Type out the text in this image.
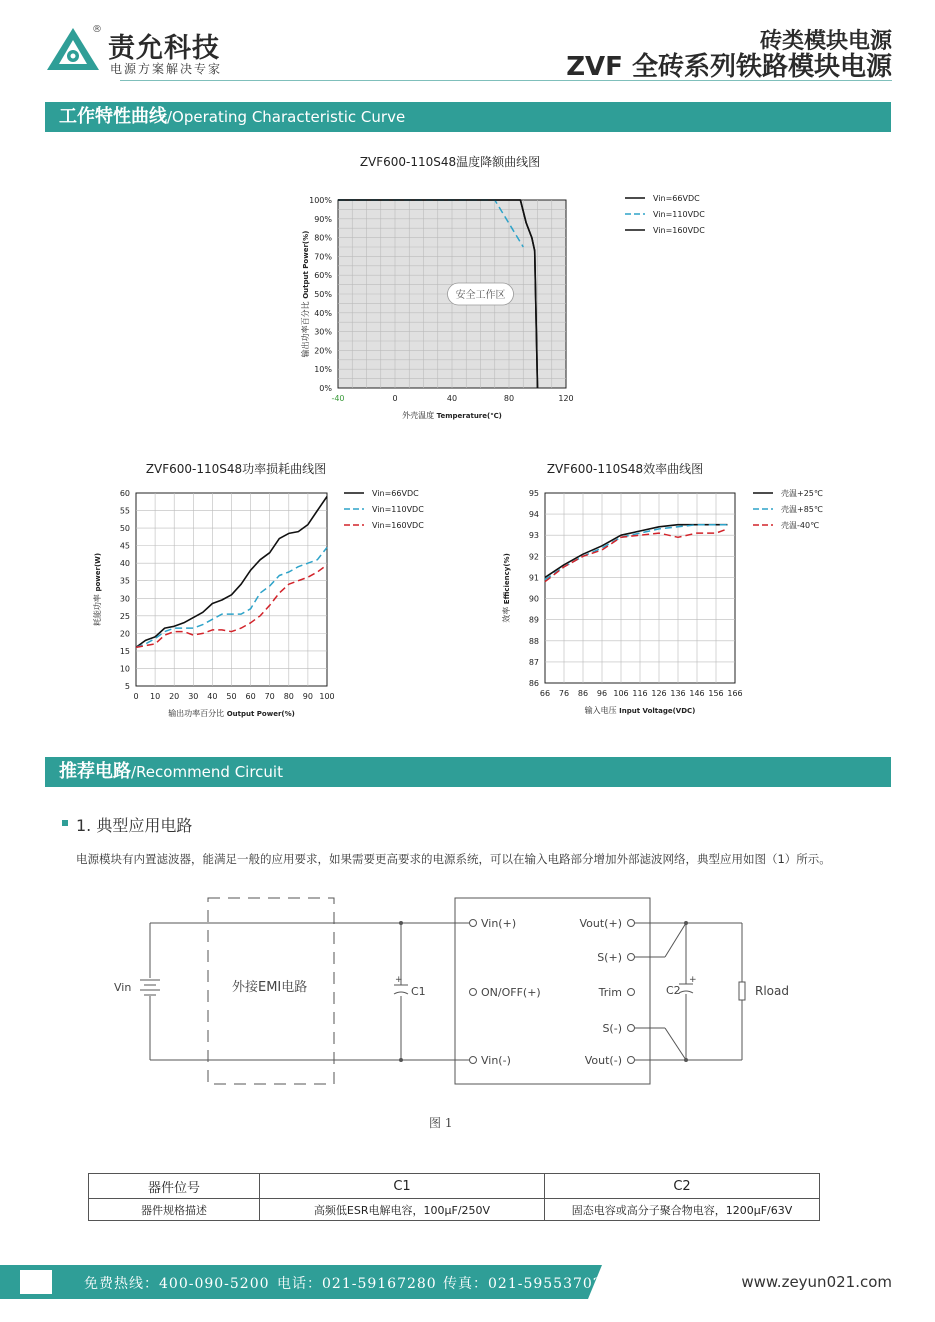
®
责允科技
电源方案解决专家
砖类模块电源
ZVF 全砖系列铁路模块电源
工作特性曲线/Operating Characteristic Curve
ZVF600-110S48温度降额曲线图
0%
10%
20%
30%
40%
50%
60%
70%
80%
90%
100%
-40	0	40	80	120
外壳温度 Temperature(℃)
输出功率百分比 Output Power(%)
Vin=66VDC
Vin=110VDC
Vin=160VDC
安全工作区
ZVF600-110S48功率损耗曲线图
5
10
15
20
25
30
35
40
45
50
55
60
0 10 20 30 40 50 60 70 80 90 100
输出功率百分比 Output Power(%)
耗能功率 power(W)
Vin=66VDC
Vin=110VDC
Vin=160VDC
ZVF600-110S48效率曲线图
86
87
88
89
90
91
92
93
94
95
66 76 86 96 106 116 126 136 146 156 166
输入电压 Input Voltage(VDC)
效率 Efficiency(%)
壳温+25℃
壳温+85℃
壳温-40℃
推荐电路/Recommend Circuit
1. 典型应用电路
电源模块有内置滤波器，能满足一般的应用要求，如果需要更高要求的电源系统，可以在输入电路部分增加外部滤波网络，典型应用如图（1）所示。
Vin	外接EMI电路	+
C1
Vin(+)
ON/OFF(+)
Vin(-)
Vout(+)
S(+)
Trim
S(-)
Vout(-)
C2
+
Rload
图 1
器件位号	C1	C2
器件规格描述	高频低ESR电解电容，100μF/250V	固态电容或高分子聚合物电容，1200μF/63V
免费热线：400-090-5200 电话：021-59167280 传真：021-59553702	www.zeyun021.com
